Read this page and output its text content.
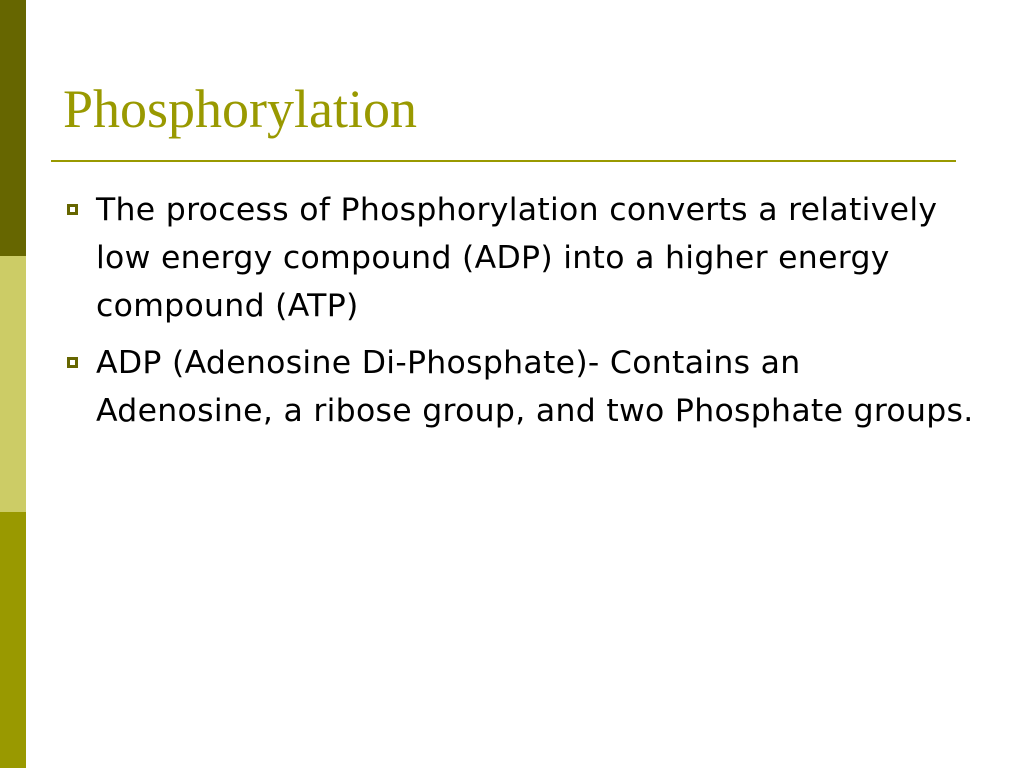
Phosphorylation
The process of Phosphorylation converts a relatively low energy compound (ADP) into a higher energy compound (ATP)
ADP (Adenosine Di-Phosphate)- Contains an Adenosine, a ribose group, and two Phosphate groups.
